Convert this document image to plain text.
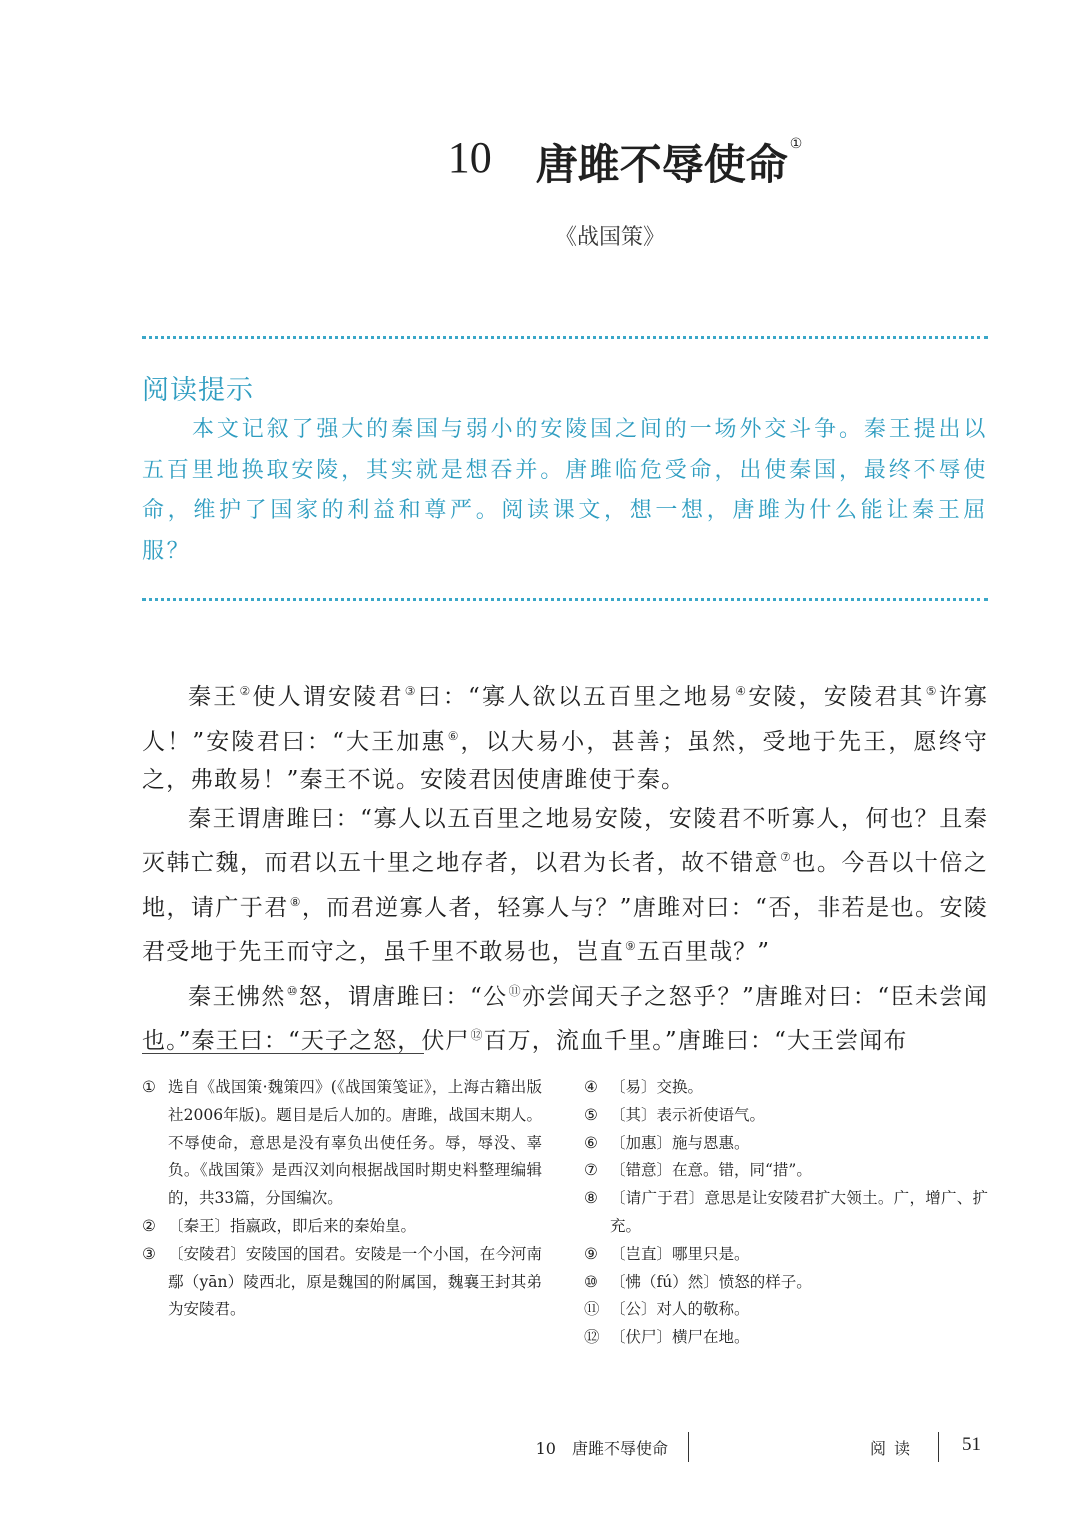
10 唐雎不辱使命 ①
《战国策》
阅读提示
本文记叙了强大的秦国与弱小的安陵国之间的一场外交斗争。秦王提出以五百里地换取安陵，其实就是想吞并。唐雎临危受命，出使秦国，最终不辱使命，维护了国家的利益和尊严。阅读课文，想一想，唐雎为什么能让秦王屈服？

秦王②使人谓安陵君③曰：“寡人欲以五百里之地易④安陵，安陵君其⑤许寡人！”安陵君曰：“大王加惠⑥，以大易小，甚善；虽然，受地于先王，愿终守之，弗敢易！”秦王不说。安陵君因使唐雎使于秦。

秦王谓唐雎曰：“寡人以五百里之地易安陵，安陵君不听寡人，何也？且秦灭韩亡魏，而君以五十里之地存者，以君为长者，故不错意⑦也。今吾以十倍之地，请广于君⑧，而君逆寡人者，轻寡人与？”唐雎对曰：“否，非若是也。安陵君受地于先王而守之，虽千里不敢易也，岂直⑨五百里哉？”

秦王怫然⑩怒，谓唐雎曰：“公⑪亦尝闻天子之怒乎？”唐雎对曰：“臣未尝闻也。”秦王曰：“天子之怒，伏尸⑫百万，流血千里。”唐雎曰：“大王尝闻布

① 选自《战国策·魏策四》(《战国策笺证》，上海古籍出版社2006年版)。题目是后人加的。唐雎，战国末期人。不辱使命，意思是没有辜负出使任务。辱，辱没、辜负。《战国策》是西汉刘向根据战国时期史料整理编辑的，共33篇，分国编次。
② 〔秦王〕指嬴政，即后来的秦始皇。
③ 〔安陵君〕安陵国的国君。安陵是一个小国，在今河南鄢（yān）陵西北，原是魏国的附属国，魏襄王封其弟为安陵君。
④ 〔易〕交换。
⑤ 〔其〕表示祈使语气。
⑥ 〔加惠〕施与恩惠。
⑦ 〔错意〕在意。错，同“措”。
⑧ 〔请广于君〕意思是让安陵君扩大领土。广，增广、扩充。
⑨ 〔岂直〕哪里只是。
⑩ 〔怫（fú）然〕愤怒的样子。
⑪ 〔公〕对人的敬称。
⑫ 〔伏尸〕横尸在地。
10　唐雎不辱使命	阅读 51
